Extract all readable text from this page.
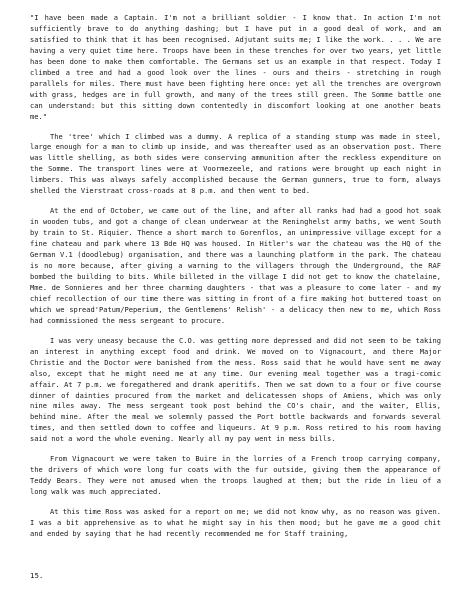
"I have been made a Captain. I'm not a brilliant soldier - I know that. In action I'm not sufficiently brave to do anything dashing; but I have put in a good deal of work, and am satisfied to think that it has been recognised. Adjutant suits me; I like the work. . . . We are having a very quiet time here. Troops have been in these trenches for over two years, yet little has been done to make them comfortable. The Germans set us an example in that respect. Today I climbed a tree and had a good look over the lines - ours and theirs - stretching in rough parallels for miles. There must have been fighting here once: yet all the trenches are overgrown with grass, hedges are in full growth, and many of the trees still green. The Somme battle one can understand: but this sitting down contentedly in discomfort looking at one another beats me."

The 'tree' which I climbed was a dummy. A replica of a standing stump was made in steel, large enough for a man to climb up inside, and was thereafter used as an observation post. There was little shelling, as both sides were conserving ammunition after the reckless expenditure on the Somme. The transport lines were at Voormezeele, and rations were brought up each night in limbers. This was always safely accomplished because the German gunners, true to form, always shelled the Vierstraat cross-roads at 8 p.m. and then went to bed.

At the end of October, we came out of the line, and after all ranks had had a good hot soak in wooden tubs, and got a change of clean underwear at the Reninghelst army baths, we went South by train to St. Riquier. Thence a short march to Gorenflos, an unimpressive village except for a fine chateau and park where 13 Bde HQ was housed. In Hitler's war the chateau was the HQ of the German V.1 (doodlebug) organisation, and there was a launching platform in the park. The chateau is no more because, after giving a warning to the villagers through the Underground, the RAF bombed the building to bits. While billeted in the village I did not get to know the chatelaine, Mme. de Sonnieres and her three charming daughters - that was a pleasure to come later - and my chief recollection of our time there was sitting in front of a fire making hot buttered toast on which we spread'Patum/Peperium, the Gentlemens' Relish' - a delicacy then new to me, which Ross had commissioned the mess sergeant to procure.

I was very uneasy because the C.O. was getting more depressed and did not seem to be taking an interest in anything except food and drink. We moved on to Vignacourt, and there Major Christie and the Doctor were banished from the mess. Ross said that he would have sent me away also, except that he might need me at any time. Our evening meal together was a tragi-comic affair. At 7 p.m. we foregathered and drank aperitifs. Then we sat down to a four or five course dinner of dainties procured from the market and delicatessen shops of Amiens, which was only nine miles away. The mess sergeant took post behind the CO's chair, and the waiter, Ellis, behind mine. After the meal we solemnly passed the Port bottle backwards and forwards several times, and then settled down to coffee and liqueurs. At 9 p.m. Ross retired to his room having said not a word the whole evening. Nearly all my pay went in mess bills.

From Vignacourt we were taken to Buire in the lorries of a French troop carrying company, the drivers of which wore long fur coats with the fur outside, giving them the appearance of Teddy Bears. They were not amused when the troops laughed at them; but the ride in lieu of a long walk was much appreciated.

At this time Ross was asked for a report on me; we did not know why, as no reason was given. I was a bit apprehensive as to what he might say in his then mood; but he gave me a good chit and ended by saying that he had recently recommended me for Staff training,

15.
